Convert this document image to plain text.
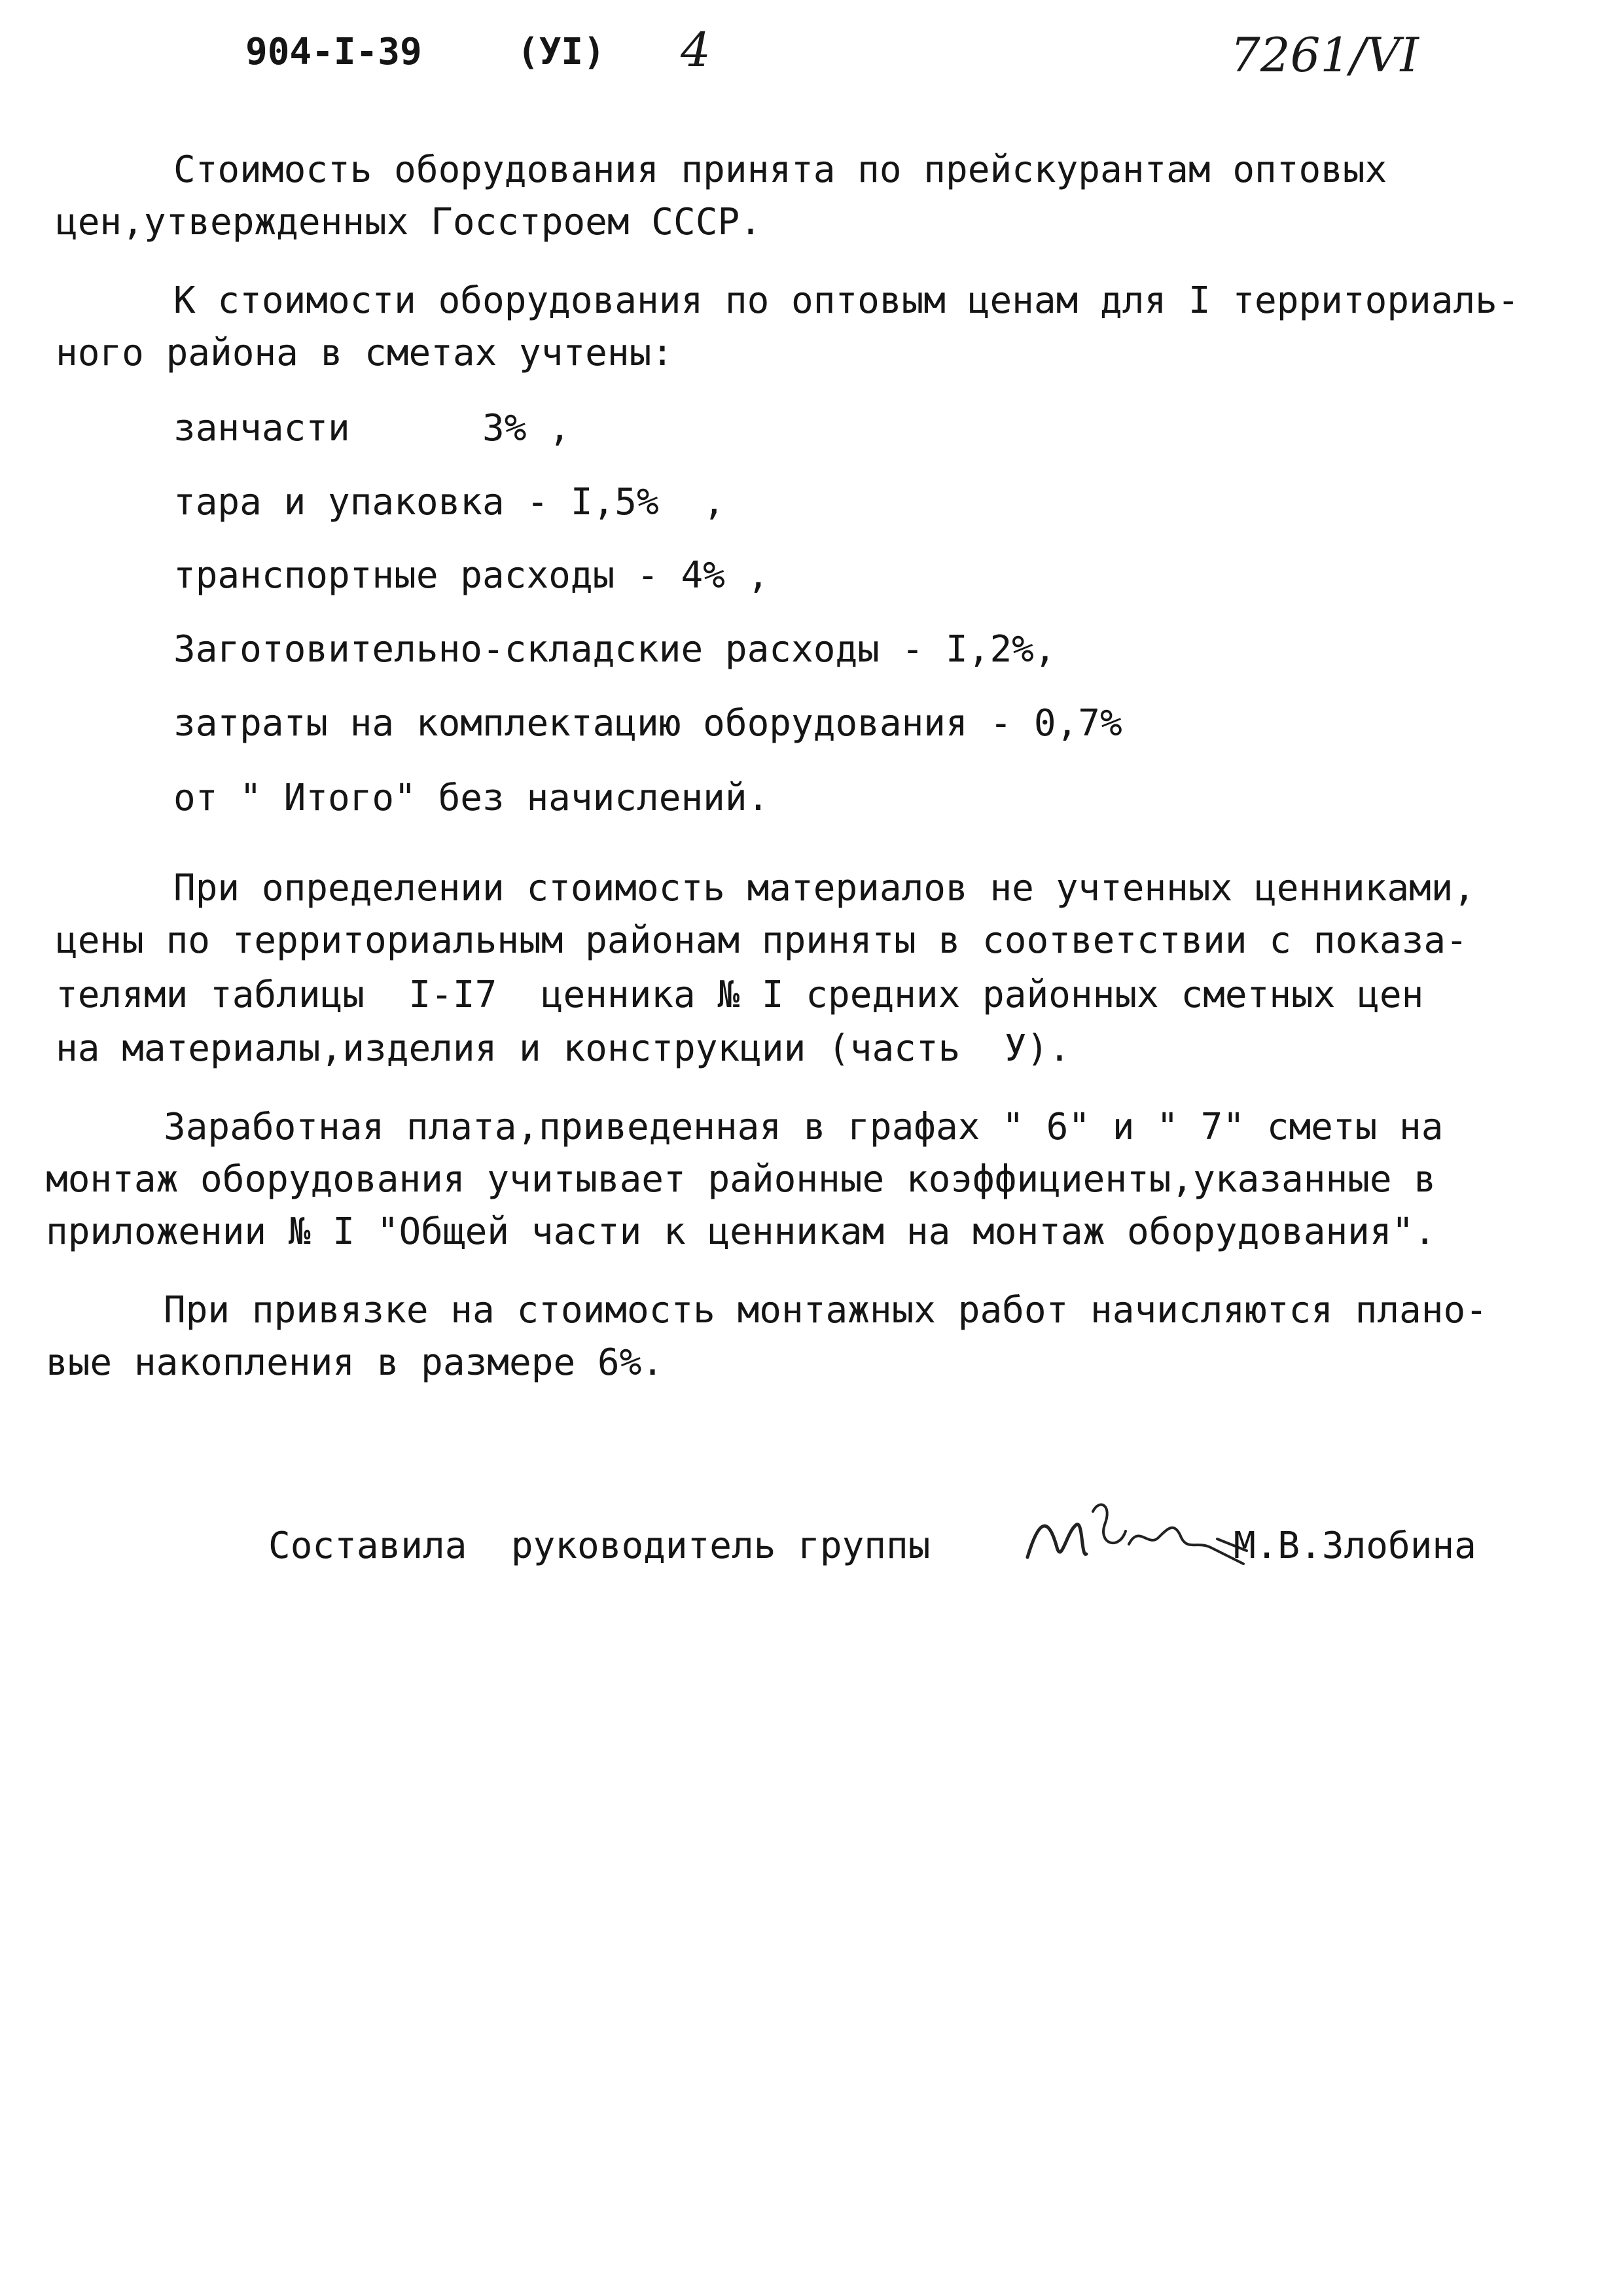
904-I-39	(УI) 4	7261/VI
Стоимость оборудования принята по прейскурантам оптовых
цен,утвержденных Госстроем СССР.
К стоимости оборудования по оптовым ценам для I территориаль-
ного района в сметах учтены:
занчасти      3% ,
тара и упаковка - I,5%  ,
транспортные расходы - 4% ,
Заготовительно-складские расходы - I,2%,
затраты на комплектацию оборудования - 0,7%
от " Итого" без начислений.
При определении стоимость материалов не учтенных ценниками,
цены по территориальным районам приняты в соответствии с показа-
телями таблицы  I-I7  ценника № I средних районных сметных цен
на материалы,изделия и конструкции (часть  У).
Заработная плата,приведенная в графах " 6" и " 7" сметы на
монтаж оборудования учитывает районные коэффициенты,указанные в
приложении № I "Общей части к ценникам на монтаж оборудования".
При привязке на стоимость монтажных работ начисляются плано-
вые накопления в размере 6%.
Составила  руководитель группы	М.В.Злобина
